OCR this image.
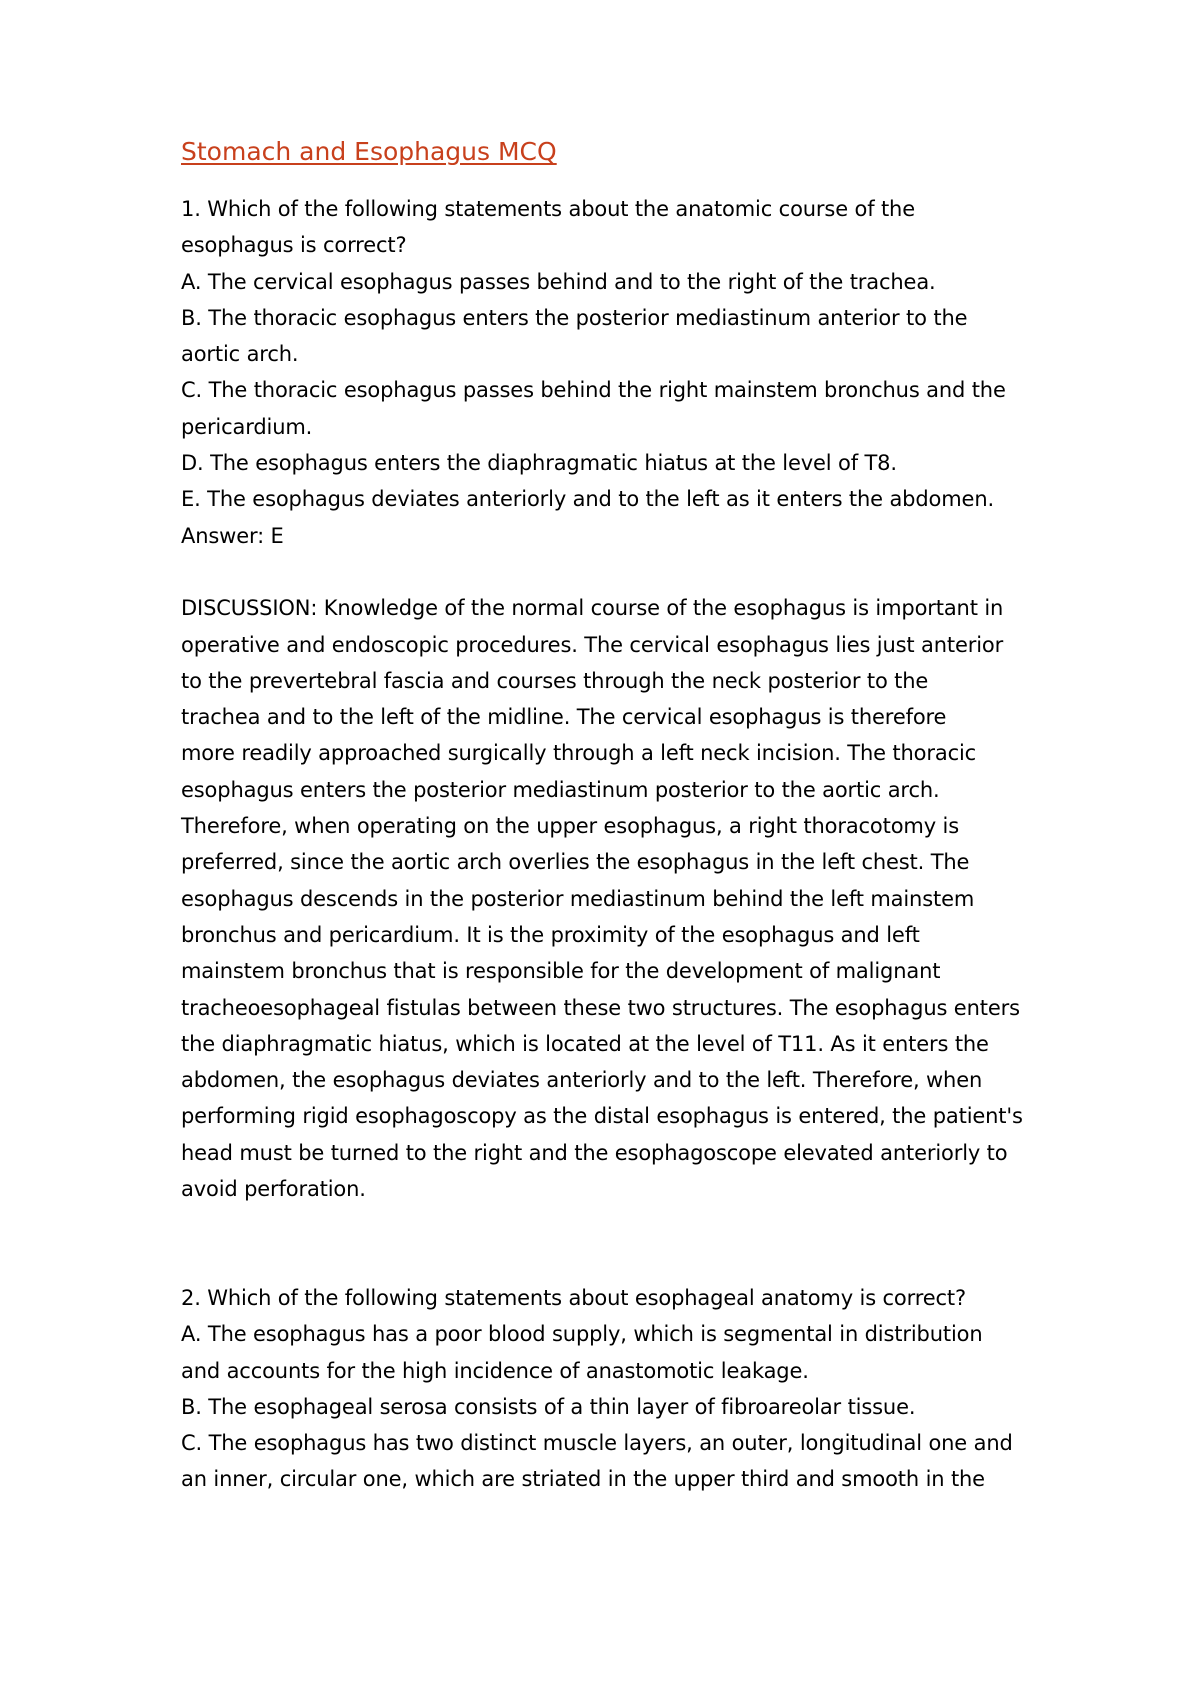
Stomach and Esophagus MCQ
1. Which of the following statements about the anatomic course of the
esophagus is correct?
A. The cervical esophagus passes behind and to the right of the trachea.
B. The thoracic esophagus enters the posterior mediastinum anterior to the
aortic arch.
C. The thoracic esophagus passes behind the right mainstem bronchus and the
pericardium.
D. The esophagus enters the diaphragmatic hiatus at the level of T8.
E. The esophagus deviates anteriorly and to the left as it enters the abdomen.
Answer: E
DISCUSSION: Knowledge of the normal course of the esophagus is important in
operative and endoscopic procedures. The cervical esophagus lies just anterior
to the prevertebral fascia and courses through the neck posterior to the
trachea and to the left of the midline. The cervical esophagus is therefore
more readily approached surgically through a left neck incision. The thoracic
esophagus enters the posterior mediastinum posterior to the aortic arch.
Therefore, when operating on the upper esophagus, a right thoracotomy is
preferred, since the aortic arch overlies the esophagus in the left chest. The
esophagus descends in the posterior mediastinum behind the left mainstem
bronchus and pericardium. It is the proximity of the esophagus and left
mainstem bronchus that is responsible for the development of malignant
tracheoesophageal fistulas between these two structures. The esophagus enters
the diaphragmatic hiatus, which is located at the level of T11. As it enters the
abdomen, the esophagus deviates anteriorly and to the left. Therefore, when
performing rigid esophagoscopy as the distal esophagus is entered, the patient's
head must be turned to the right and the esophagoscope elevated anteriorly to
avoid perforation.
2. Which of the following statements about esophageal anatomy is correct?
A. The esophagus has a poor blood supply, which is segmental in distribution
and accounts for the high incidence of anastomotic leakage.
B. The esophageal serosa consists of a thin layer of fibroareolar tissue.
C. The esophagus has two distinct muscle layers, an outer, longitudinal one and
an inner, circular one, which are striated in the upper third and smooth in the
